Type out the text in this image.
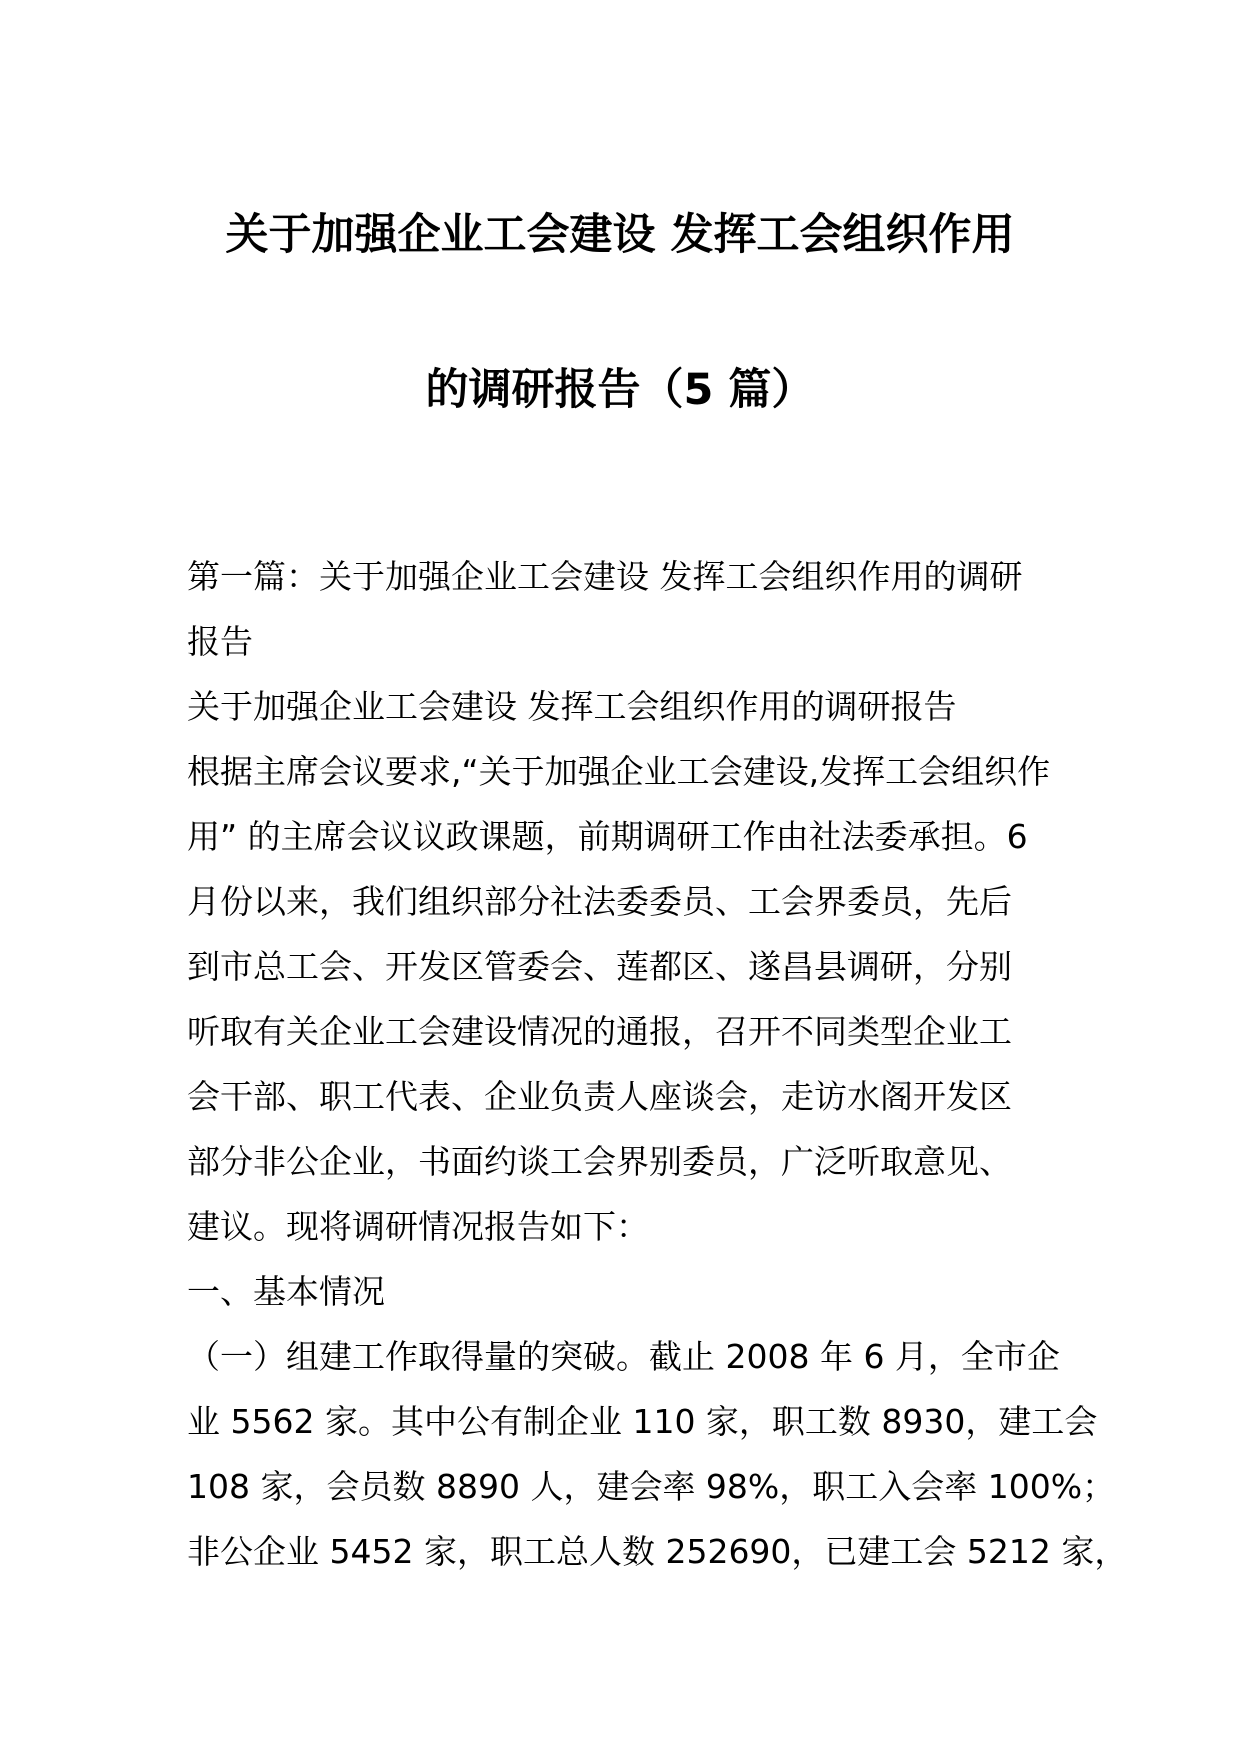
关于加强企业工会建设 发挥工会组织作用
的调研报告（5 篇）
第一篇：关于加强企业工会建设 发挥工会组织作用的调研
报告
关于加强企业工会建设 发挥工会组织作用的调研报告
根据主席会议要求,“关于加强企业工会建设,发挥工会组织作
用” 的主席会议议政课题，前期调研工作由社法委承担。6
月份以来，我们组织部分社法委委员、工会界委员，先后
到市总工会、开发区管委会、莲都区、遂昌县调研，分别
听取有关企业工会建设情况的通报，召开不同类型企业工
会干部、职工代表、企业负责人座谈会，走访水阁开发区
部分非公企业，书面约谈工会界别委员，广泛听取意见、
建议。现将调研情况报告如下：
一、基本情况
（一）组建工作取得量的突破。截止 2008 年 6 月，全市企
业 5562 家。其中公有制企业 110 家，职工数 8930，建工会
108 家，会员数 8890 人，建会率 98%，职工入会率 100%；
非公企业 5452 家，职工总人数 252690，已建工会 5212 家，
